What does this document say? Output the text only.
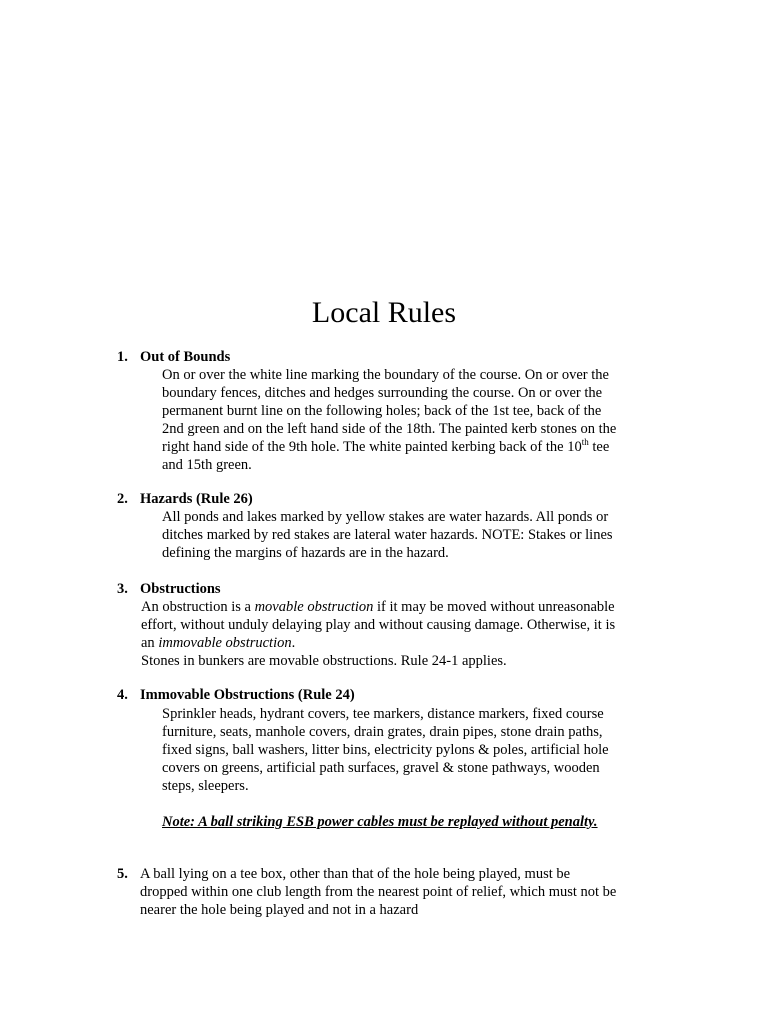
Local Rules
1. Out of Bounds
On or over the white line marking the boundary of the course. On or over the
boundary fences, ditches and hedges surrounding the course. On or over the
permanent burnt line on the following holes; back of the 1st tee, back of the
2nd green and on the left hand side of the 18th. The painted kerb stones on the
right hand side of the 9th hole. The white painted kerbing back of the 10th tee
and 15th green.
2. Hazards (Rule 26)
All ponds and lakes marked by yellow stakes are water hazards. All ponds or
ditches marked by red stakes are lateral water hazards. NOTE: Stakes or lines
defining the margins of hazards are in the hazard.
3. Obstructions
An obstruction is a movable obstruction if it may be moved without unreasonable
effort, without unduly delaying play and without causing damage. Otherwise, it is
an immovable obstruction.
Stones in bunkers are movable obstructions. Rule 24-1 applies.
4. Immovable Obstructions (Rule 24)
Sprinkler heads, hydrant covers, tee markers, distance markers, fixed course
furniture, seats, manhole covers, drain grates, drain pipes, stone drain paths,
fixed signs, ball washers, litter bins, electricity pylons & poles, artificial hole
covers on greens, artificial path surfaces, gravel & stone pathways, wooden
steps, sleepers.
Note: A ball striking ESB power cables must be replayed without penalty.
5. A ball lying on a tee box, other than that of the hole being played, must be
dropped within one club length from the nearest point of relief, which must not be
nearer the hole being played and not in a hazard
